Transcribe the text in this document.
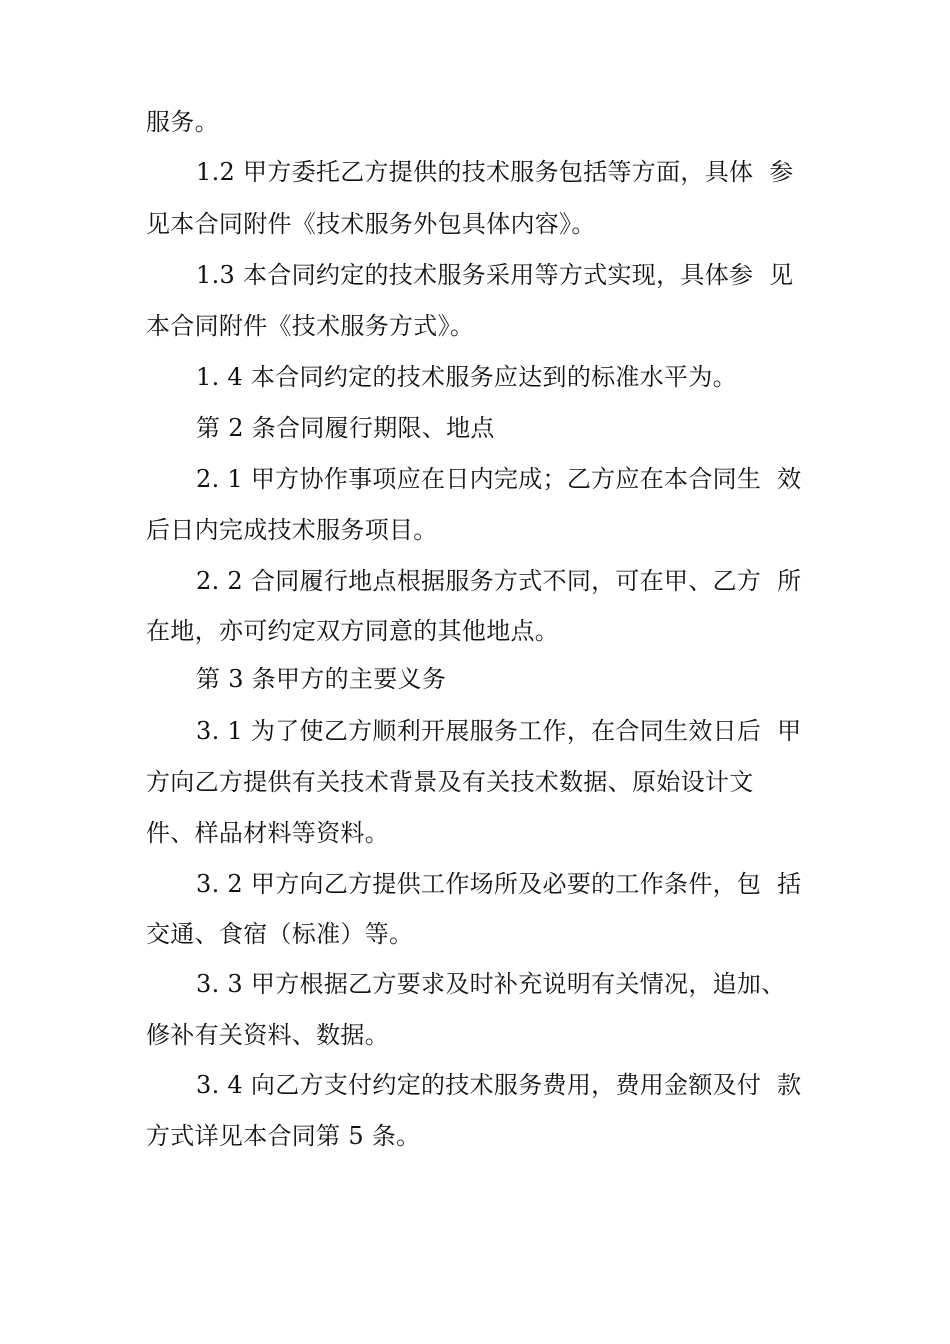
服务。
1.2 甲方委托乙方提供的技术服务包括等方面，具体  参
见本合同附件《技术服务外包具体内容》。
1.3 本合同约定的技术服务采用等方式实现，具体参  见
本合同附件《技术服务方式》。
1. 4 本合同约定的技术服务应达到的标准水平为。
第 2 条合同履行期限、地点
2. 1 甲方协作事项应在日内完成；乙方应在本合同生  效
后日内完成技术服务项目。
2. 2 合同履行地点根据服务方式不同，可在甲、乙方  所
在地，亦可约定双方同意的其他地点。
第 3 条甲方的主要义务
3. 1 为了使乙方顺利开展服务工作，在合同生效日后  甲
方向乙方提供有关技术背景及有关技术数据、原始设计文
件、样品材料等资料。
3. 2 甲方向乙方提供工作场所及必要的工作条件，包  括
交通、食宿（标准）等。
3. 3 甲方根据乙方要求及时补充说明有关情况，追加、
修补有关资料、数据。
3. 4 向乙方支付约定的技术服务费用，费用金额及付  款
方式详见本合同第 5 条。
